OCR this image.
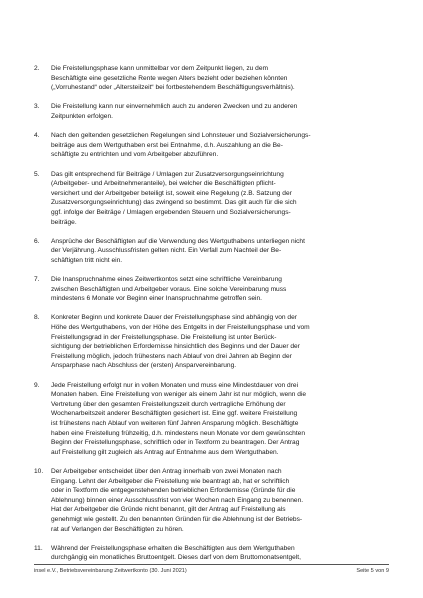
2.	Die Freistellungsphase kann unmittelbar vor dem Zeitpunkt liegen, zu dem
Beschäftigte eine gesetzliche Rente wegen Alters bezieht oder beziehen könnten
(„Vorruhestand“ oder „Altersteilzeit“ bei fortbestehendem Beschäftigungsverhältnis).
3.	Die Freistellung kann nur einvernehmlich auch zu anderen Zwecken und zu anderen
Zeitpunkten erfolgen.
4.	Nach den geltenden gesetzlichen Regelungen sind Lohnsteuer und Sozialversicherungs-
beiträge aus dem Wertguthaben erst bei Entnahme, d.h. Auszahlung an die Be-
schäftigte zu entrichten und vom Arbeitgeber abzuführen.
5.	Das gilt entsprechend für Beiträge / Umlagen zur Zusatzversorgungseinrichtung
(Arbeitgeber- und Arbeitnehmeranteile), bei welcher die Beschäftigten pflicht-
versichert und der Arbeitgeber beteiligt ist, soweit eine Regelung (z.B. Satzung der
Zusatzversorgungseinrichtung) das zwingend so bestimmt. Das gilt auch für die sich
ggf. infolge der Beiträge / Umlagen ergebenden Steuern und Sozialversicherungs-
beiträge.
6.	Ansprüche der Beschäftigten auf die Verwendung des Wertguthabens unterliegen nicht
der Verjährung. Ausschlussfristen gelten nicht. Ein Verfall zum Nachteil der Be-
schäftigten tritt nicht ein.
7.	Die Inanspruchnahme eines Zeitwertkontos setzt eine schriftliche Vereinbarung
zwischen Beschäftigten und Arbeitgeber voraus. Eine solche Vereinbarung muss
mindestens 6 Monate vor Beginn einer Inanspruchnahme getroffen sein.
8.	Konkreter Beginn und konkrete Dauer der Freistellungsphase sind abhängig von der
Höhe des Wertguthabens, von der Höhe des Entgelts in der Freistellungsphase und vom
Freistellungsgrad in der Freistellungsphase. Die Freistellung ist unter Berück-
sichtigung der betrieblichen Erfordernisse hinsichtlich des Beginns und der Dauer der
Freistellung möglich, jedoch frühestens nach Ablauf von drei Jahren ab Beginn der
Ansparphase nach Abschluss der (ersten) Ansparvereinbarung.
9.	Jede Freistellung erfolgt nur in vollen Monaten und muss eine Mindestdauer von drei
Monaten haben. Eine Freistellung von weniger als einem Jahr ist nur möglich, wenn die
Vertretung über den gesamten Freistellungszeit durch vertragliche Erhöhung der
Wochenarbeitszeit anderer Beschäftigten gesichert ist. Eine ggf. weitere Freistellung
ist frühestens nach Ablauf von weiteren fünf Jahren Ansparung möglich. Beschäftigte
haben eine Freistellung frühzeitig, d.h. mindestens neun Monate vor dem gewünschten
Beginn der Freistellungsphase, schriftlich oder in Textform zu beantragen. Der Antrag
auf Freistellung gilt zugleich als Antrag auf Entnahme aus dem Wertguthaben.
10.	Der Arbeitgeber entscheidet über den Antrag innerhalb von zwei Monaten nach
Eingang. Lehnt der Arbeitgeber die Freistellung wie beantragt ab, hat er schriftlich
oder in Textform die entgegenstehenden betrieblichen Erfordernisse (Gründe für die
Ablehnung) binnen einer Ausschlussfrist von vier Wochen nach Eingang zu benennen.
Hat der Arbeitgeber die Gründe nicht benannt, gilt der Antrag auf Freistellung als
genehmigt wie gestellt. Zu den benannten Gründen für die Ablehnung ist der Betriebs-
rat auf Verlangen der Beschäftigten zu hören.
11.	Während der Freistellungsphase erhalten die Beschäftigten aus dem Wertguthaben
durchgängig ein monatliches Bruttoentgelt. Dieses darf von dem Bruttomonatsentgelt,
insel e.V., Betriebsvereinbarung Zeitwertkonto (30. Juni 2021)	Seite 5 von 9
